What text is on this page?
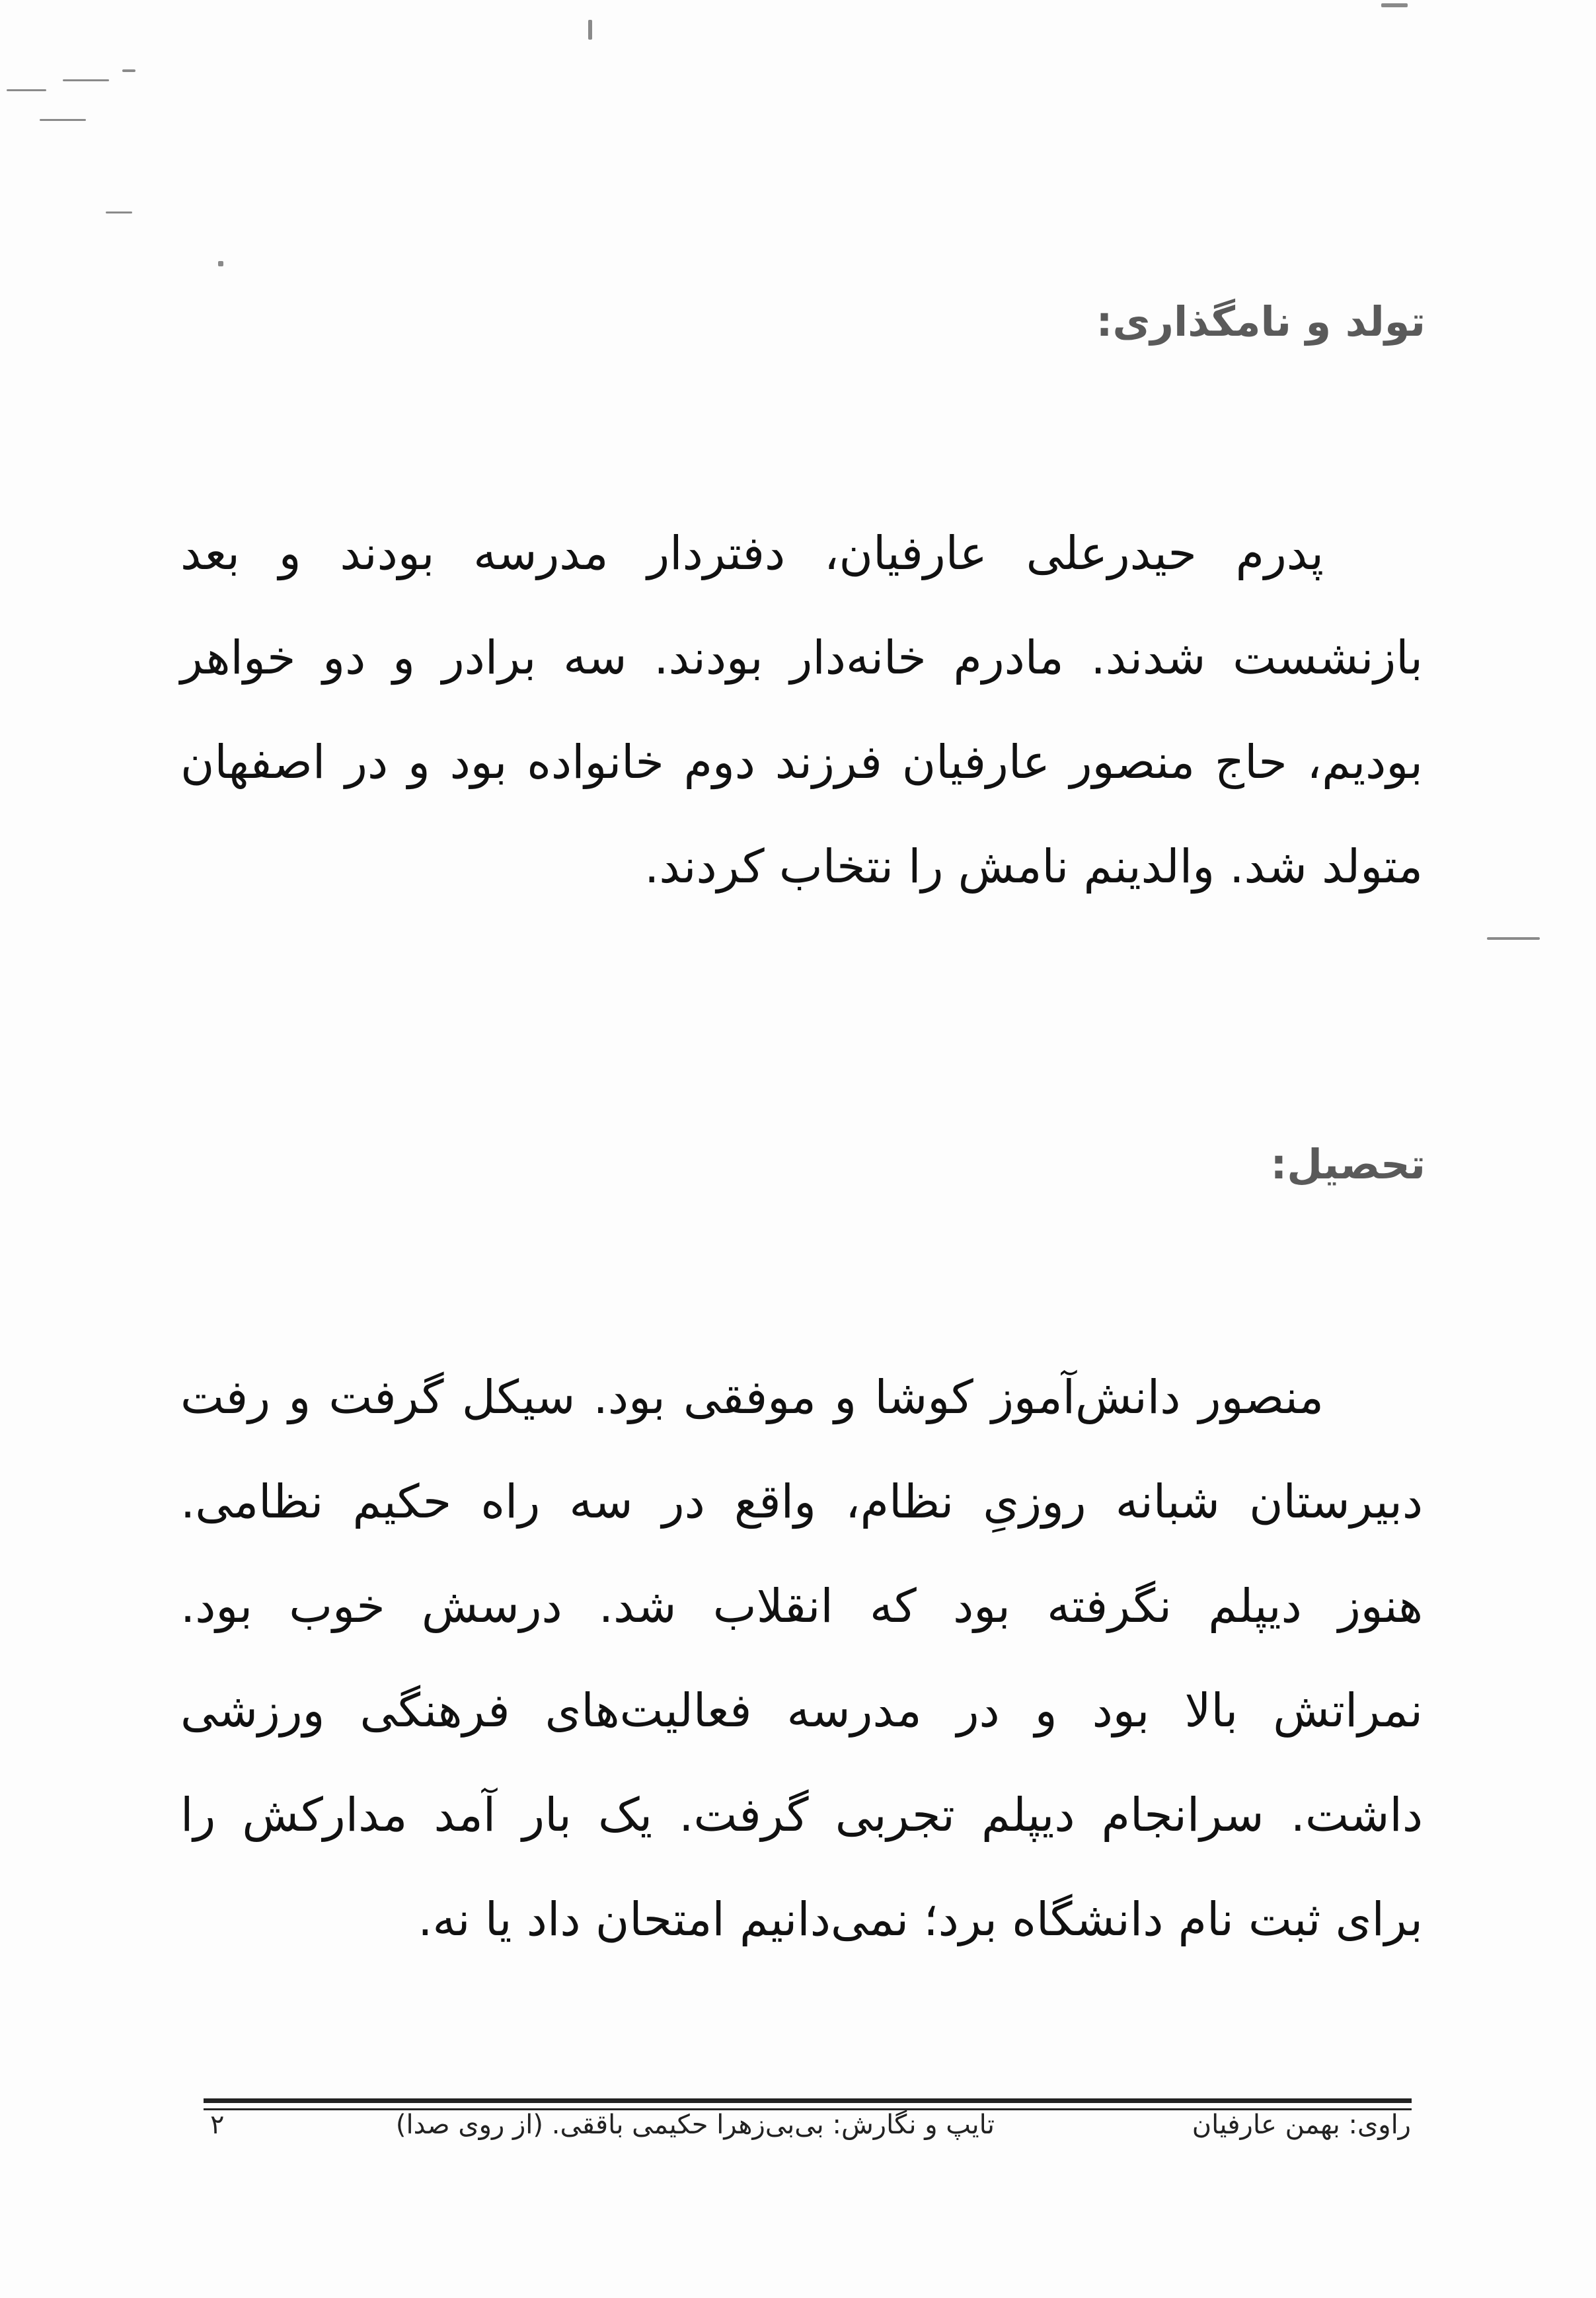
تولد و نامگذاری:
پدرم حیدرعلی عارفیان، دفتردار مدرسه بودند و بعد
بازنشست شدند. مادرم خانه‌دار بودند. سه برادر و دو خواهر
بودیم، حاج منصور عارفیان فرزند دوم خانواده بود و در اصفهان
متولد شد. والدینم نامش را نتخاب کردند.
تحصیل:
منصور دانش‌آموز کوشا و موفقی بود. سیکل گرفت و رفت
دبیرستان شبانه روزیِ نظام، واقع در سه راه حکیم نظامی.
هنوز دیپلم نگرفته بود که انقلاب شد. درسش خوب بود.
نمراتش بالا بود و در مدرسه فعالیت‌های فرهنگی ورزشی
داشت. سرانجام دیپلم تجربی گرفت. یک بار آمد مدارکش را
برای ثبت نام دانشگاه برد؛ نمی‌دانیم امتحان داد یا نه.
راوی: بهمن عارفیان
تایپ و نگارش: بی‌بی‌زهرا حکیمی باققی. (از روی صدا)
۲
